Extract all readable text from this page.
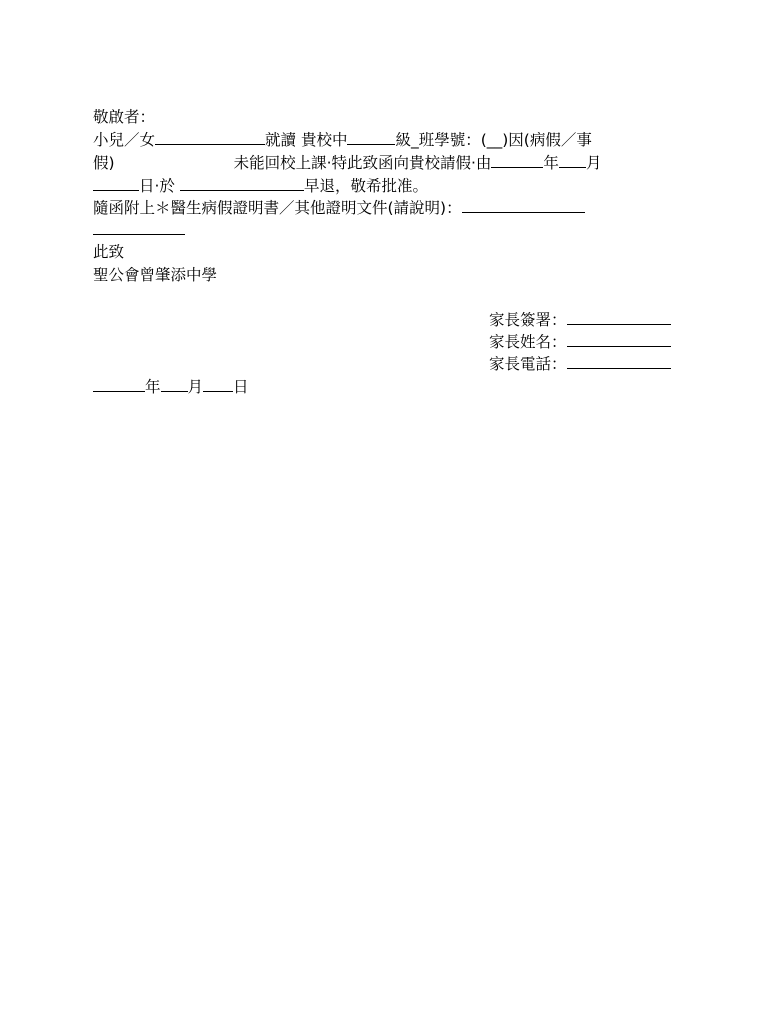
敬啟者：
小兒／女	就讀 貴校中	級_班學號：(__)因(病假／事
假)	未能回校上課·特此致函向貴校請假·由	年 月
日·於	早退，敬希批准。
隨函附上＊醫生病假證明書／其他證明文件(請說明)：
此致
聖公會曾肇添中學
家長簽署：
家長姓名：
家長電話：
年 月 日
